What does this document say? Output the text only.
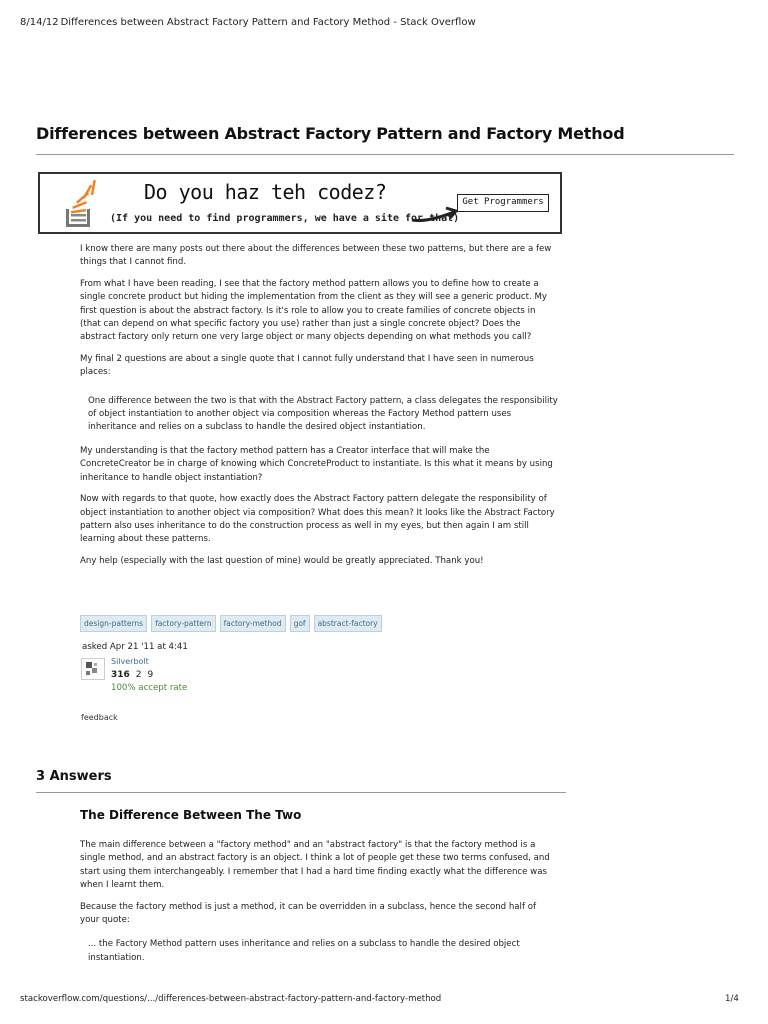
8/14/12 Differences between Abstract Factory Pattern and Factory Method - Stack Overflow
Differences between Abstract Factory Pattern and Factory Method
Do you haz teh codez?
(If you need to find programmers, we have a site for that)
Get Programmers

I know there are many posts out there about the differences between these two patterns, but there are a few things that I cannot find.

From what I have been reading, I see that the factory method pattern allows you to define how to create a single concrete product but hiding the implementation from the client as they will see a generic product. My first question is about the abstract factory. Is it's role to allow you to create families of concrete objects in (that can depend on what specific factory you use) rather than just a single concrete object? Does the abstract factory only return one very large object or many objects depending on what methods you call?

My final 2 questions are about a single quote that I cannot fully understand that I have seen in numerous places:

One difference between the two is that with the Abstract Factory pattern, a class delegates the responsibility of object instantiation to another object via composition whereas the Factory Method pattern uses inheritance and relies on a subclass to handle the desired object instantiation.

My understanding is that the factory method pattern has a Creator interface that will make the ConcreteCreator be in charge of knowing which ConcreteProduct to instantiate. Is this what it means by using inheritance to handle object instantiation?

Now with regards to that quote, how exactly does the Abstract Factory pattern delegate the responsibility of object instantiation to another object via composition? What does this mean? It looks like the Abstract Factory pattern also uses inheritance to do the construction process as well in my eyes, but then again I am still learning about these patterns.

Any help (especially with the last question of mine) would be greatly appreciated. Thank you!

design-patterns	factory-pattern	factory-method	gof	abstract-factory
asked Apr 21 '11 at 4:41
Silverbolt
316 2 9
100% accept rate
feedback
3 Answers
The Difference Between The Two

The main difference between a "factory method" and an "abstract factory" is that the factory method is a single method, and an abstract factory is an object. I think a lot of people get these two terms confused, and start using them interchangeably. I remember that I had a hard time finding exactly what the difference was when I learnt them.

Because the factory method is just a method, it can be overridden in a subclass, hence the second half of your quote:

... the Factory Method pattern uses inheritance and relies on a subclass to handle the desired object instantiation.
stackoverflow.com/questions/.../differences-between-abstract-factory-pattern-and-factory-method	1/4
